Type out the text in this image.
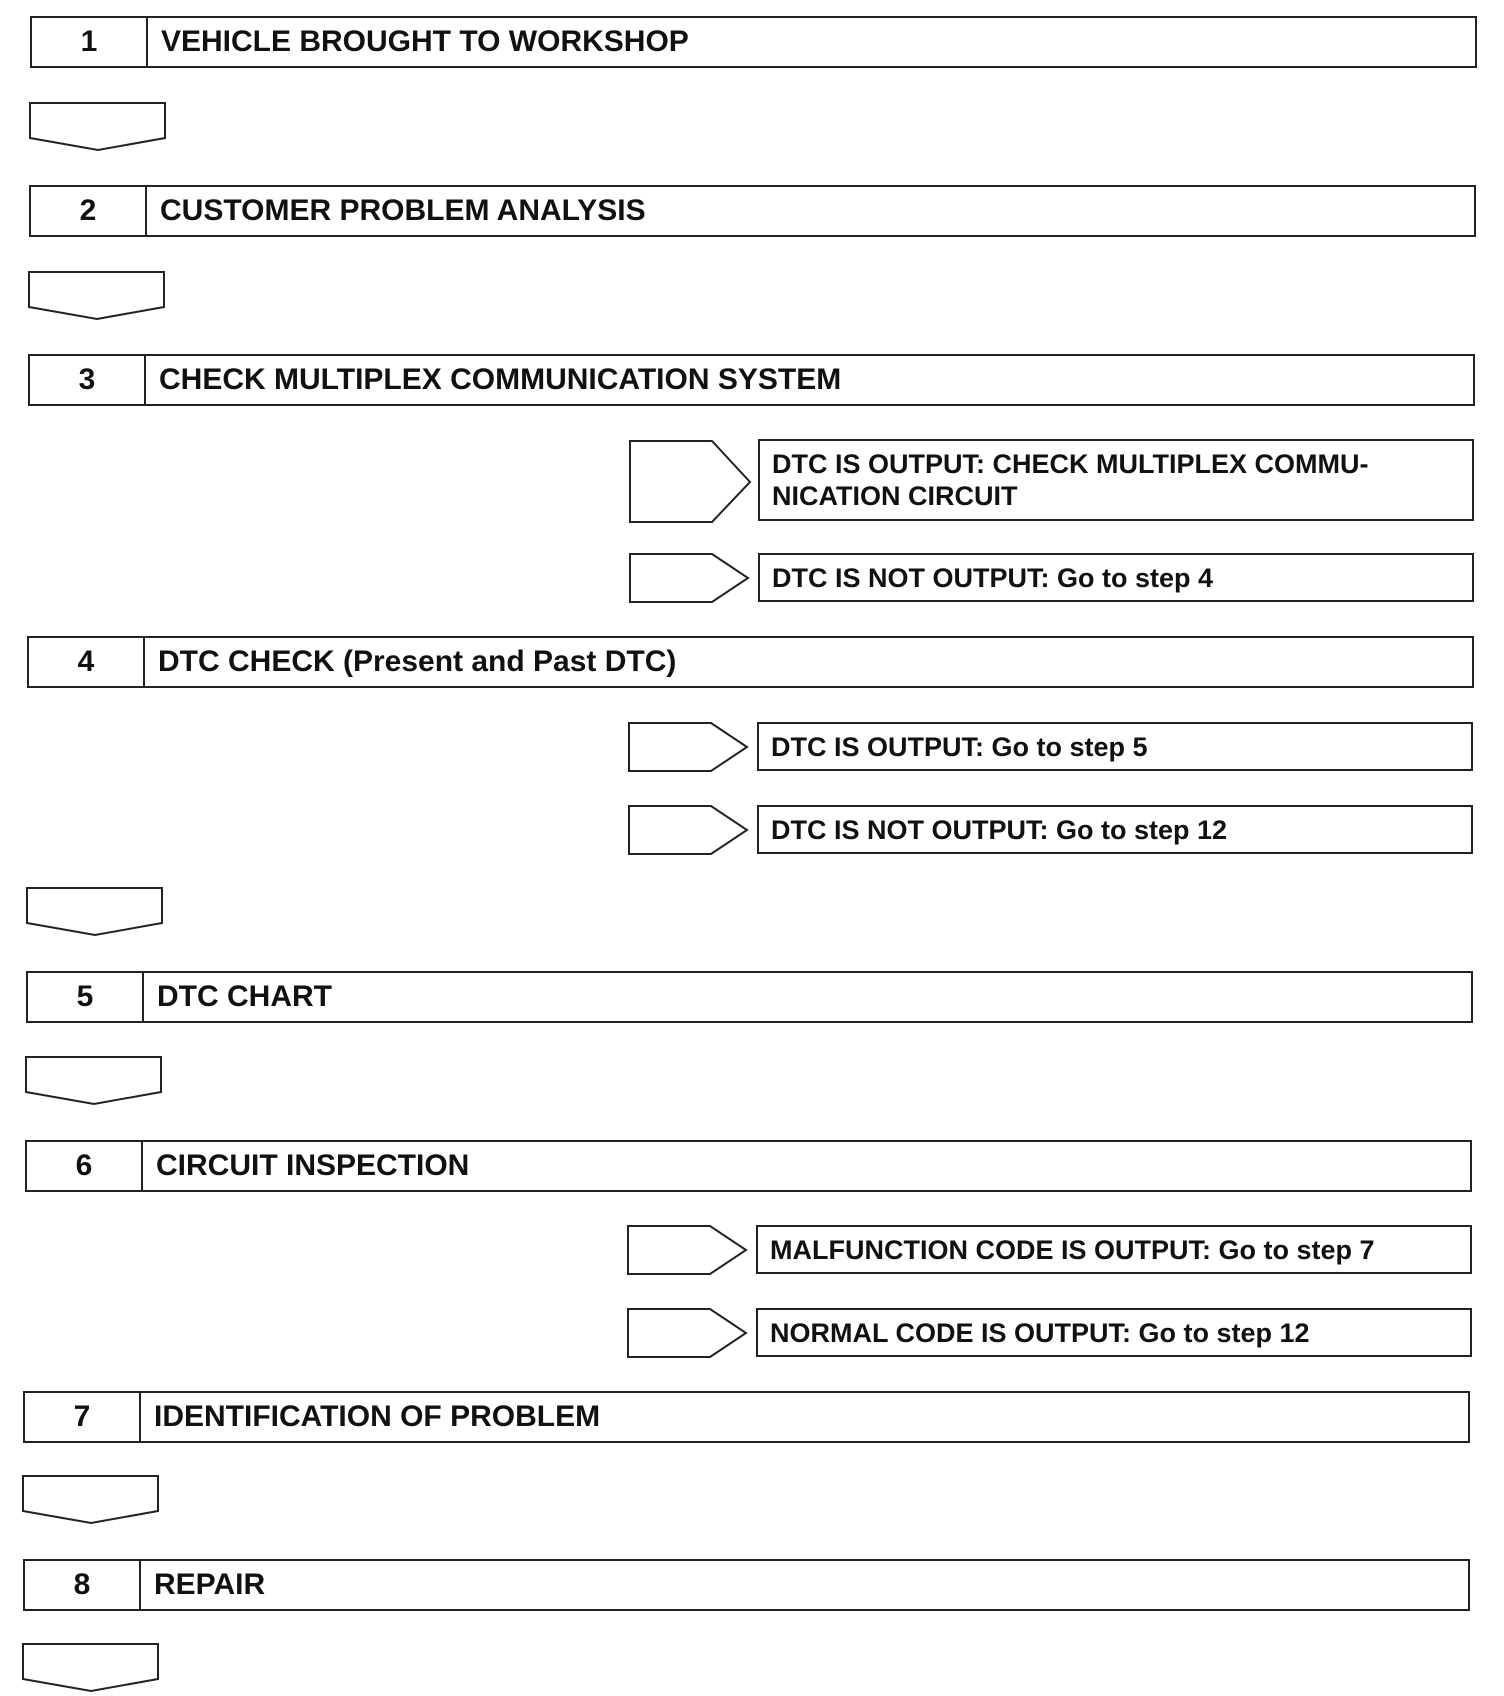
1	VEHICLE BROUGHT TO WORKSHOP
2	CUSTOMER PROBLEM ANALYSIS
3	CHECK MULTIPLEX COMMUNICATION SYSTEM
4	DTC CHECK (Present and Past DTC)
5	DTC CHART
6	CIRCUIT INSPECTION
7	IDENTIFICATION OF PROBLEM
8	REPAIR
DTC IS OUTPUT: CHECK MULTIPLEX COMMU-
NICATION CIRCUIT
DTC IS NOT OUTPUT: Go to step 4
DTC IS OUTPUT: Go to step 5
DTC IS NOT OUTPUT: Go to step 12
MALFUNCTION CODE IS OUTPUT: Go to step 7
NORMAL CODE IS OUTPUT: Go to step 12
